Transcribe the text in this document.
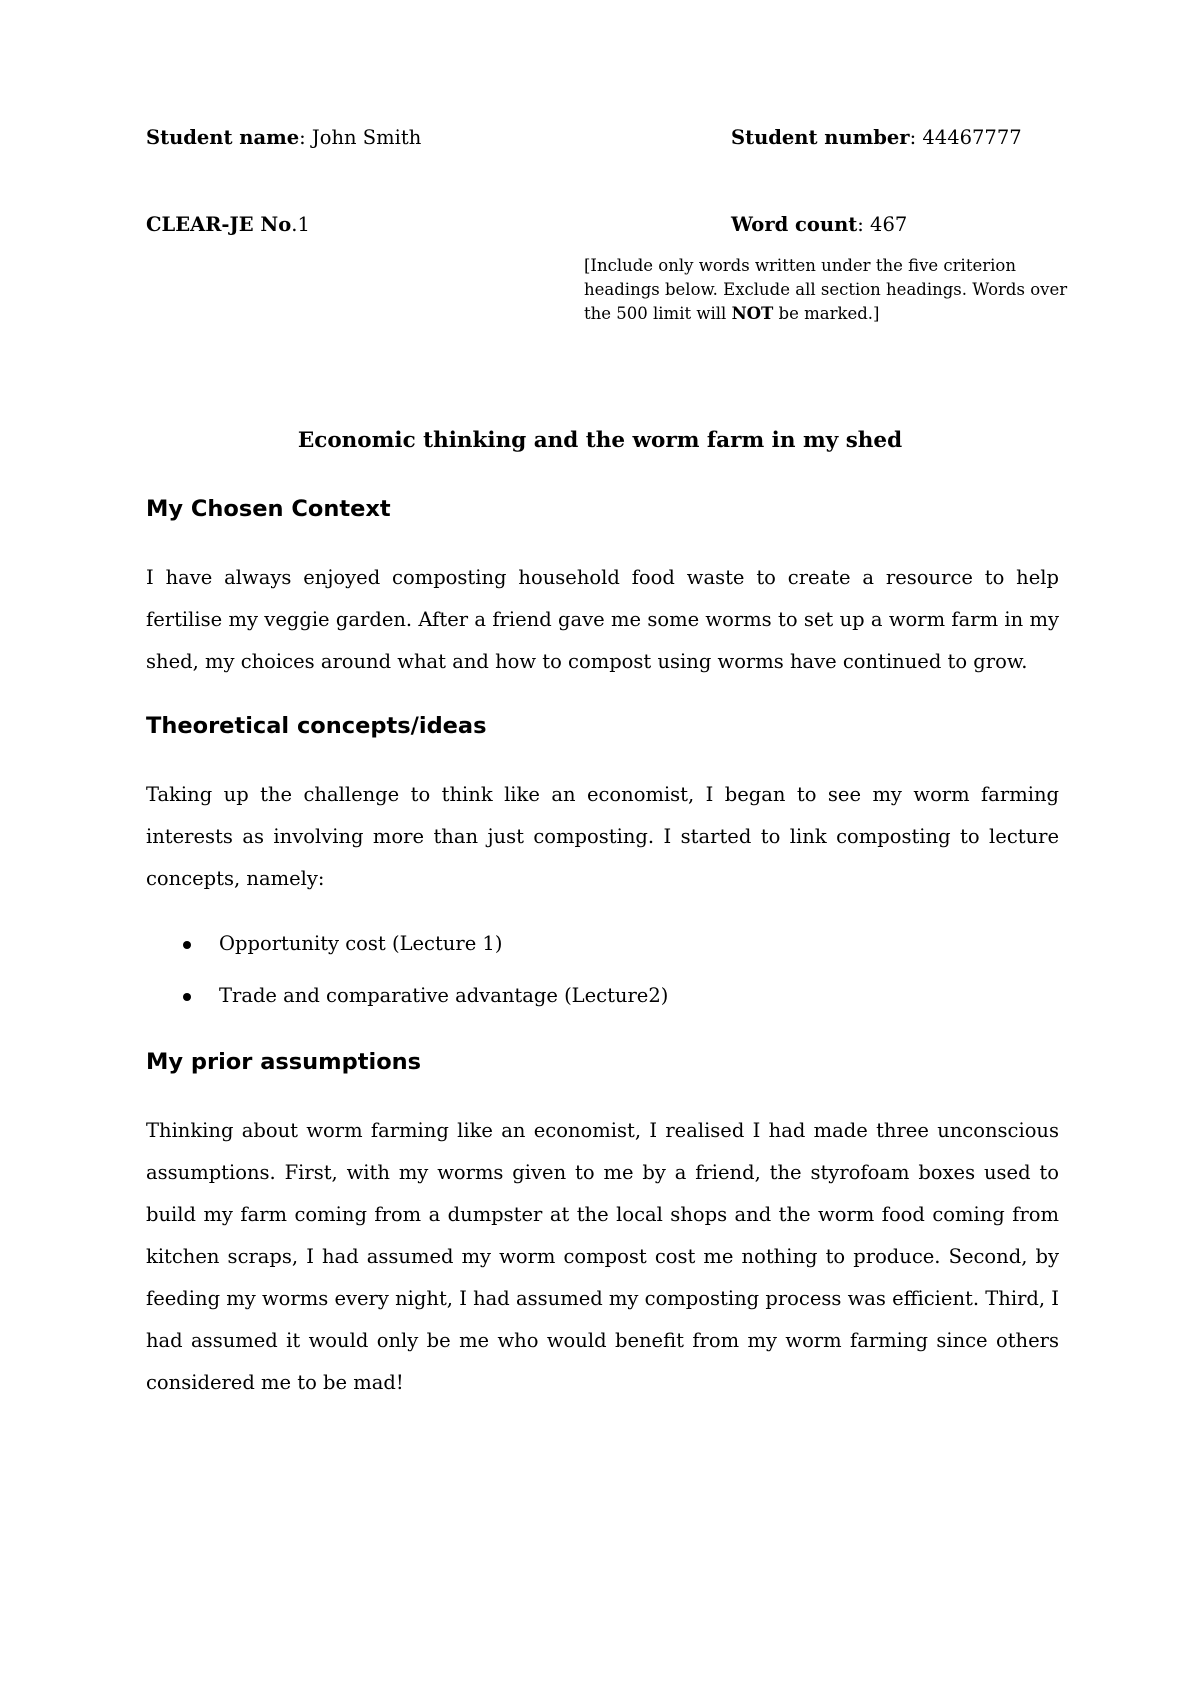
Student name: John Smith	Student number: 44467777
CLEAR-JE No.1	Word count: 467
[Include only words written under the five criterion headings below. Exclude all section headings. Words over the 500 limit will NOT be marked.]
Economic thinking and the worm farm in my shed
My Chosen Context
I have always enjoyed composting household food waste to create a resource to help fertilise my veggie garden. After a friend gave me some worms to set up a worm farm in my shed, my choices around what and how to compost using worms have continued to grow.
Theoretical concepts/ideas
Taking up the challenge to think like an economist, I began to see my worm farming interests as involving more than just composting. I started to link composting to lecture concepts, namely:
Opportunity cost (Lecture 1)
Trade and comparative advantage (Lecture2)
My prior assumptions
Thinking about worm farming like an economist, I realised I had made three unconscious assumptions. First, with my worms given to me by a friend, the styrofoam boxes used to build my farm coming from a dumpster at the local shops and the worm food coming from kitchen scraps, I had assumed my worm compost cost me nothing to produce. Second, by feeding my worms every night, I had assumed my composting process was efficient. Third, I had assumed it would only be me who would benefit from my worm farming since others considered me to be mad!
